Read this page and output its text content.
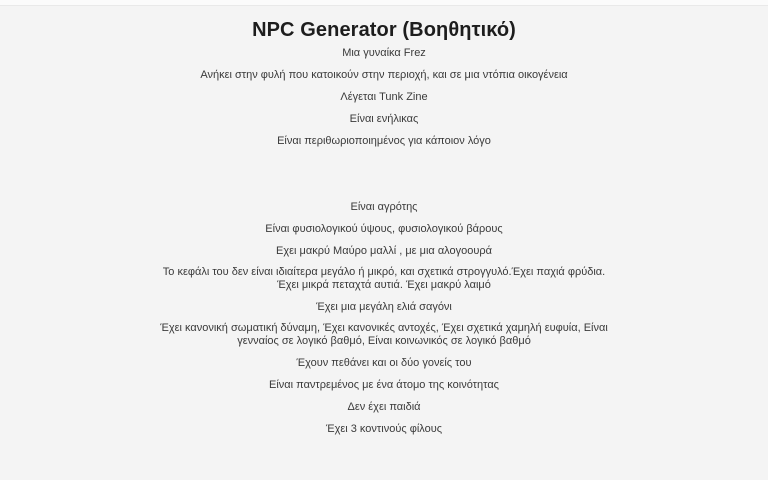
NPC Generator (Βοηθητικό)
Μια γυναίκα Frez
Ανήκει στην φυλή που κατοικούν στην περιοχή, και σε μια ντόπια οικογένεια
Λέγεται Tunk Zine
Είναι ενήλικας
Είναι περιθωριοποιημένος για κάποιον λόγο
Είναι αγρότης
Είναι φυσιολογικού ύψους, φυσιολογικού βάρους
Εχει μακρύ Μαύρο μαλλί , με μια αλογοουρά
Το κεφάλι του δεν είναι ιδιαίτερα μεγάλο ή μικρό, και σχετικά στρογγυλό.Έχει παχιά φρύδια.
Έχει μικρά πεταχτά αυτιά. Έχει μακρύ λαιμό
Έχει μια μεγάλη ελιά σαγόνι
Έχει κανονική σωματική δύναμη, Έχει κανονικές αντοχές, Έχει σχετικά χαμηλή ευφυία, Είναι
γενναίος σε λογικό βαθμό, Είναι κοινωνικός σε λογικό βαθμό
Έχουν πεθάνει και οι δύο γονείς του
Είναι παντρεμένος με ένα άτομο της κοινότητας
Δεν έχει παιδιά
Έχει 3 κοντινούς φίλους
